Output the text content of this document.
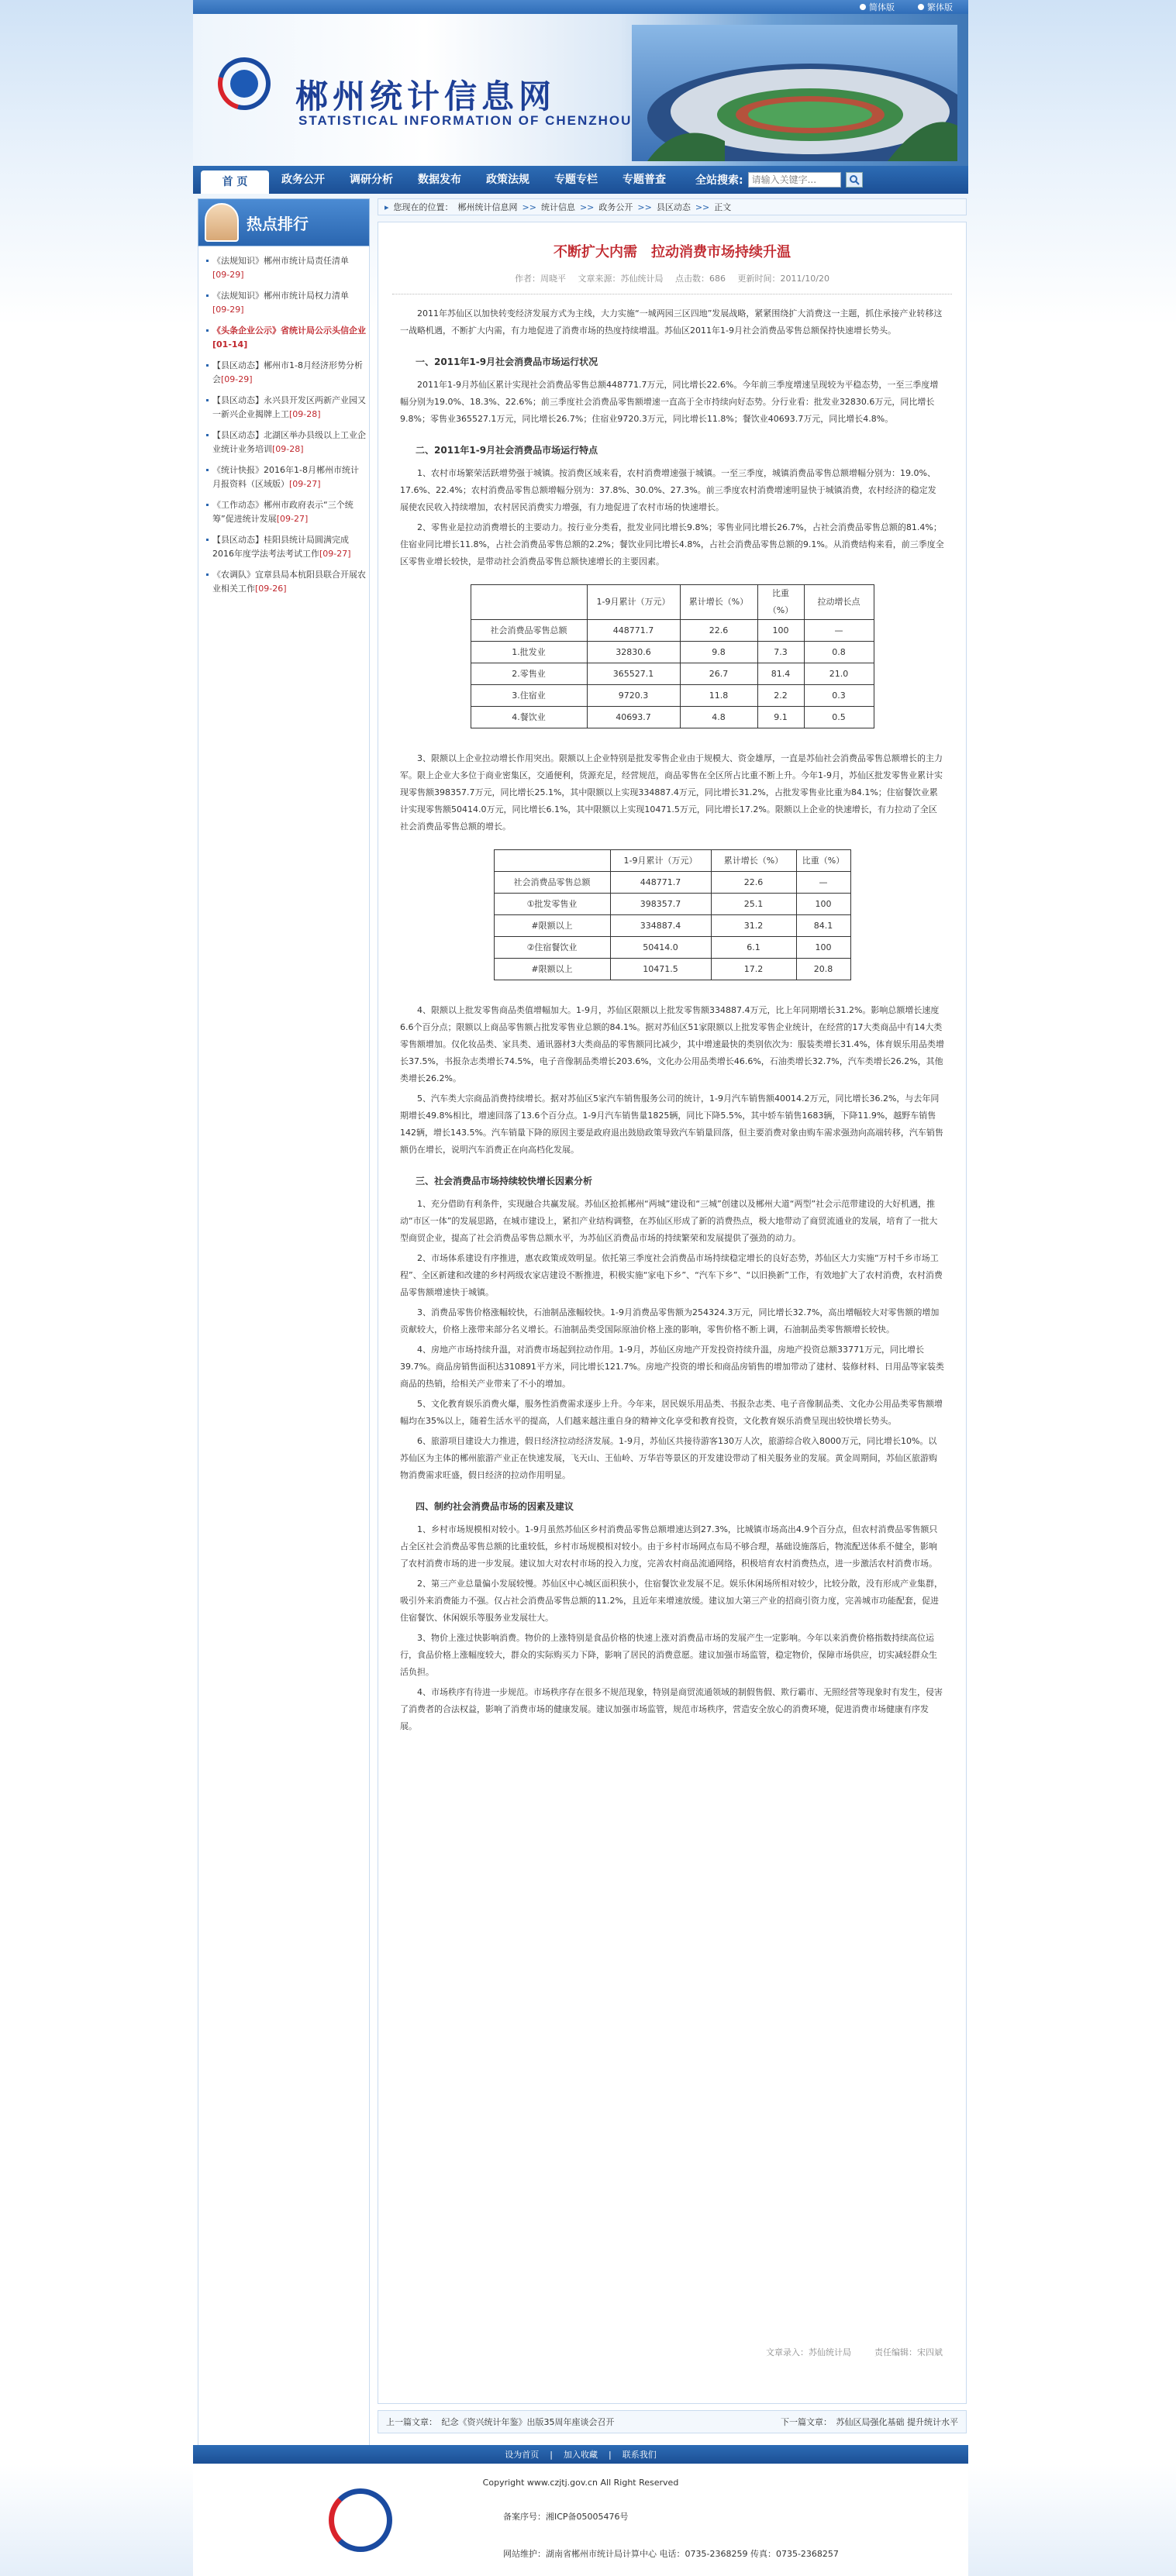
简体版	繁体版
郴州统计信息网
STATISTICAL INFORMATION OF CHENZHOU
首 页	政务公开	调研分析	数据发布	政策法规	专题专栏	专题普查	全站搜索:
请输入关键字...
热点排行
《法规知识》郴州市统计局责任清单[09-29]
《法规知识》郴州市统计局权力清单[09-29]
《头条企业公示》省统计局公示头信企业[01-14]
【县区动态】郴州市1-8月经济形势分析会[09-29]
【县区动态】永兴县开发区两新产业园又一新兴企业揭牌上工[09-28]
【县区动态】北湖区举办县级以上工业企业统计业务培训[09-28]
《统计快报》2016年1-8月郴州市统计月报资料（区域版）[09-27]
《工作动态》郴州市政府表示“三个统筹”促进统计发展[09-27]
【县区动态】桂阳县统计局圆满完成2016年度学法考法考试工作[09-27]
《农调队》宜章县局本杭阳县联合开展农业相关工作[09-26]
▸ 您现在的位置： 郴州统计信息网 >> 统计信息 >> 政务公开 >> 县区动态 >> 正文
不断扩大内需　拉动消费市场持续升温
作者：周晓平 文章来源：苏仙统计局 点击数：686 更新时间：2011/10/20

2011年苏仙区以加快转变经济发展方式为主线，大力实施“一城两园三区四地”发展战略，紧紧围绕扩大消费这一主题，抓住承接产业转移这一战略机遇，不断扩大内需，有力地促进了消费市场的热度持续增温。苏仙区2011年1-9月社会消费品零售总额保持快速增长势头。

一、2011年1-9月社会消费品市场运行状况

2011年1-9月苏仙区累计实现社会消费品零售总额448771.7万元，同比增长22.6%。今年前三季度增速呈现较为平稳态势，一至三季度增幅分别为19.0%、18.3%、22.6%；前三季度社会消费品零售额增速一直高于全市持续向好态势。分行业看：批发业32830.6万元，同比增长9.8%；零售业365527.1万元，同比增长26.7%；住宿业9720.3万元，同比增长11.8%；餐饮业40693.7万元，同比增长4.8%。

二、2011年1-9月社会消费品市场运行特点

1、农村市场繁荣活跃增势强于城镇。按消费区域来看，农村消费增速强于城镇。一至三季度，城镇消费品零售总额增幅分别为：19.0%、17.6%、22.4%；农村消费品零售总额增幅分别为：37.8%、30.0%、27.3%。前三季度农村消费增速明显快于城镇消费，农村经济的稳定发展使农民收入持续增加，农村居民消费实力增强，有力地促进了农村市场的快速增长。

2、零售业是拉动消费增长的主要动力。按行业分类看，批发业同比增长9.8%；零售业同比增长26.7%，占社会消费品零售总额的81.4%；住宿业同比增长11.8%，占社会消费品零售总额的2.2%；餐饮业同比增长4.8%，占社会消费品零售总额的9.1%。从消费结构来看，前三季度全区零售业增长较快，是带动社会消费品零售总额快速增长的主要因素。

	1-9月累计（万元）	累计增长（%）	比重（%）	拉动增长点
社会消费品零售总额	448771.7	22.6	100	—
1.批发业	32830.6	9.8	7.3	0.8
2.零售业	365527.1	26.7	81.4	21.0
3.住宿业	9720.3	11.8	2.2	0.3
4.餐饮业	40693.7	4.8	9.1	0.5

3、限额以上企业拉动增长作用突出。限额以上企业特别是批发零售企业由于规模大、资金雄厚，一直是苏仙社会消费品零售总额增长的主力军。限上企业大多位于商业密集区，交通便利，货源充足，经营规范，商品零售在全区所占比重不断上升。今年1-9月，苏仙区批发零售业累计实现零售额398357.7万元，同比增长25.1%，其中限额以上实现334887.4万元，同比增长31.2%，占批发零售业比重为84.1%；住宿餐饮业累计实现零售额50414.0万元，同比增长6.1%，其中限额以上实现10471.5万元，同比增长17.2%。限额以上企业的快速增长，有力拉动了全区社会消费品零售总额的增长。

	1-9月累计（万元）	累计增长（%）	比重（%）
社会消费品零售总额	448771.7	22.6	—
①批发零售业	398357.7	25.1	100
#限额以上	334887.4	31.2	84.1
②住宿餐饮业	50414.0	6.1	100
#限额以上	10471.5	17.2	20.8

4、限额以上批发零售商品类值增幅加大。1-9月，苏仙区限额以上批发零售额334887.4万元，比上年同期增长31.2%。影响总额增长速度6.6个百分点；限额以上商品零售额占批发零售业总额的84.1%。据对苏仙区51家限额以上批发零售企业统计，在经营的17大类商品中有14大类零售额增加。仅化妆品类、家具类、通讯器材3大类商品的零售额同比减少，其中增速最快的类别依次为：服装类增长31.4%，体育娱乐用品类增长37.5%，书报杂志类增长74.5%，电子音像制品类增长203.6%，文化办公用品类增长46.6%，石油类增长32.7%，汽车类增长26.2%，其他类增长26.2%。

5、汽车类大宗商品消费持续增长。据对苏仙区5家汽车销售服务公司的统计，1-9月汽车销售额40014.2万元，同比增长36.2%，与去年同期增长49.8%相比，增速回落了13.6个百分点。1-9月汽车销售量1825辆，同比下降5.5%，其中轿车销售1683辆，下降11.9%，越野车销售142辆，增长143.5%。汽车销量下降的原因主要是政府退出鼓励政策导致汽车销量回落，但主要消费对象由购车需求强劲向高端转移，汽车销售额仍在增长，说明汽车消费正在向高档化发展。

三、社会消费品市场持续较快增长因素分析

1、充分借助有利条件，实现融合共赢发展。苏仙区抢抓郴州“两城”建设和“三城”创建以及郴州大道“两型”社会示范带建设的大好机遇，推动“市区一体”的发展思路，在城市建设上，紧扣产业结构调整，在苏仙区形成了新的消费热点，极大地带动了商贸流通业的发展，培育了一批大型商贸企业，提高了社会消费品零售总额水平，为苏仙区消费品市场的持续繁荣和发展提供了强劲的动力。

2、市场体系建设有序推进，惠农政策成效明显。依托第三季度社会消费品市场持续稳定增长的良好态势，苏仙区大力实施“万村千乡市场工程”、全区新建和改建的乡村两级农家店建设不断推进，积极实施“家电下乡”、“汽车下乡”、“以旧换新”工作，有效地扩大了农村消费，农村消费品零售额增速快于城镇。

3、消费品零售价格涨幅较快，石油制品涨幅较快。1-9月消费品零售额为254324.3万元，同比增长32.7%，高出增幅较大对零售额的增加贡献较大，价格上涨带来部分名义增长。石油制品类受国际原油价格上涨的影响，零售价格不断上调，石油制品类零售额增长较快。

4、房地产市场持续升温，对消费市场起到拉动作用。1-9月，苏仙区房地产开发投资持续升温，房地产投资总额33771万元，同比增长39.7%。商品房销售面积达310891平方米，同比增长121.7%。房地产投资的增长和商品房销售的增加带动了建材、装修材料、日用品等家装类商品的热销，给相关产业带来了不小的增加。

5、文化教育娱乐消费火爆，服务性消费需求逐步上升。今年来，居民娱乐用品类、书报杂志类、电子音像制品类、文化办公用品类零售额增幅均在35%以上，随着生活水平的提高，人们越来越注重自身的精神文化享受和教育投资，文化教育娱乐消费呈现出较快增长势头。

6、旅游项目建设大力推进，假日经济拉动经济发展。1-9月，苏仙区共接待游客130万人次，旅游综合收入8000万元，同比增长10%。以苏仙区为主体的郴州旅游产业正在快速发展，飞天山、王仙岭、万华岩等景区的开发建设带动了相关服务业的发展。黄金周期间，苏仙区旅游购物消费需求旺盛，假日经济的拉动作用明显。

四、制约社会消费品市场的因素及建议

1、乡村市场规模相对较小。1-9月虽然苏仙区乡村消费品零售总额增速达到27.3%，比城镇市场高出4.9个百分点，但农村消费品零售额只占全区社会消费品零售总额的比重较低，乡村市场规模相对较小。由于乡村市场网点布局不够合理，基础设施落后，物流配送体系不健全，影响了农村消费市场的进一步发展。建议加大对农村市场的投入力度，完善农村商品流通网络，积极培育农村消费热点，进一步激活农村消费市场。

2、第三产业总量偏小发展较慢。苏仙区中心城区面积狭小，住宿餐饮业发展不足。娱乐休闲场所相对较少，比较分散，没有形成产业集群，吸引外来消费能力不强。仅占社会消费品零售总额的11.2%，且近年来增速放缓。建议加大第三产业的招商引资力度，完善城市功能配套，促进住宿餐饮、休闲娱乐等服务业发展壮大。

3、物价上涨过快影响消费。物价的上涨特别是食品价格的快速上涨对消费品市场的发展产生一定影响。今年以来消费价格指数持续高位运行，食品价格上涨幅度较大，群众的实际购买力下降，影响了居民的消费意愿。建议加强市场监管，稳定物价，保障市场供应，切实减轻群众生活负担。

4、市场秩序有待进一步规范。市场秩序存在很多不规范现象，特别是商贸流通领域的制假售假、欺行霸市、无照经营等现象时有发生，侵害了消费者的合法权益，影响了消费市场的健康发展。建议加强市场监管，规范市场秩序，营造安全放心的消费环境，促进消费市场健康有序发展。

文章录入：苏仙统计局	责任编辑：宋四斌
上一篇文章：　纪念《资兴统计年鉴》出版35周年座谈会召开	下一篇文章：　苏仙区局强化基础 提升统计水平
设为首页 | 加入收藏 | 联系我们
Copyright www.czjtj.gov.cn All Right Reserved
备案序号：湘ICP备05005476号
网站维护：湖南省郴州市统计局计算中心 电话：0735-2368259 传真：0735-2368257
